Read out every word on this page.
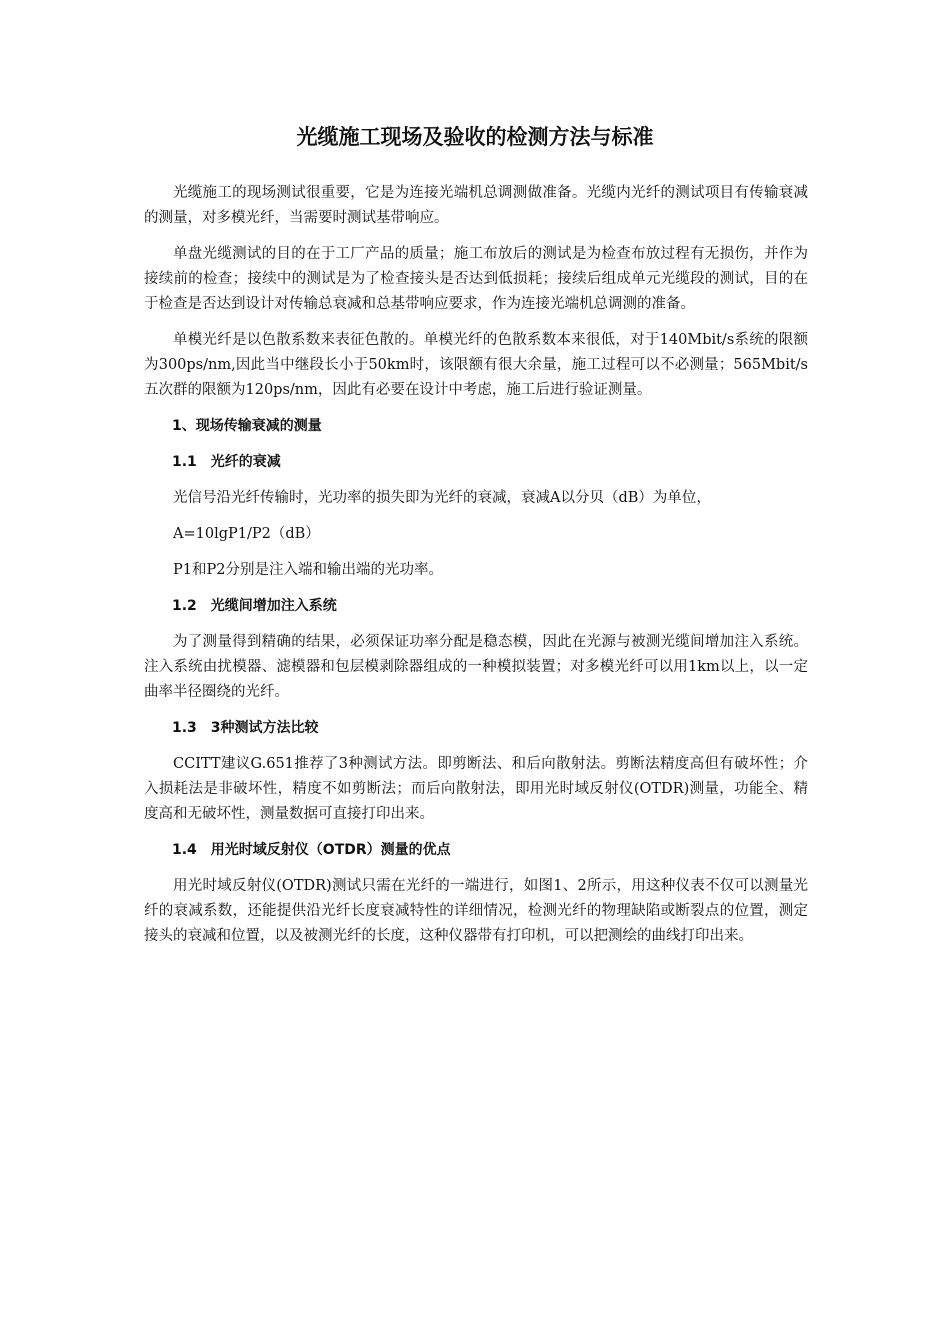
光缆施工现场及验收的检测方法与标准

光缆施工的现场测试很重要，它是为连接光端机总调测做准备。光缆内光纤的测试项目有传输衰减的测量，对多模光纤，当需要时测试基带响应。

单盘光缆测试的目的在于工厂产品的质量；施工布放后的测试是为检查布放过程有无损伤，并作为接续前的检查；接续中的测试是为了检查接头是否达到低损耗；接续后组成单元光缆段的测试，目的在于检查是否达到设计对传输总衰减和总基带响应要求，作为连接光端机总调测的准备。

单模光纤是以色散系数来表征色散的。单模光纤的色散系数本来很低，对于140Mbit/s系统的限额为300ps/nm,因此当中继段长小于50km时，该限额有很大余量，施工过程可以不必测量；565Mbit/s五次群的限额为120ps/nm，因此有必要在设计中考虑，施工后进行验证测量。

1、现场传输衰减的测量
1.1　光纤的衰减

光信号沿光纤传输时，光功率的损失即为光纤的衰减，衰减A以分贝（dB）为单位，

A=10lgP1/P2（dB）

P1和P2分别是注入端和输出端的光功率。

1.2　光缆间增加注入系统

为了测量得到精确的结果，必须保证功率分配是稳态模，因此在光源与被测光缆间增加注入系统。注入系统由扰模器、滤模器和包层模剥除器组成的一种模拟装置；对多模光纤可以用1km以上，以一定曲率半径圈绕的光纤。

1.3　3种测试方法比较

CCITT建议G.651推荐了3种测试方法。即剪断法、和后向散射法。剪断法精度高但有破坏性；介入损耗法是非破坏性，精度不如剪断法；而后向散射法，即用光时域反射仪(OTDR)测量，功能全、精度高和无破坏性，测量数据可直接打印出来。

1.4　用光时域反射仪（OTDR）测量的优点

用光时域反射仪(OTDR)测试只需在光纤的一端进行，如图1、2所示，用这种仪表不仅可以测量光纤的衰减系数，还能提供沿光纤长度衰减特性的详细情况，检测光纤的物理缺陷或断裂点的位置，测定接头的衰减和位置，以及被测光纤的长度，这种仪器带有打印机，可以把测绘的曲线打印出来。
